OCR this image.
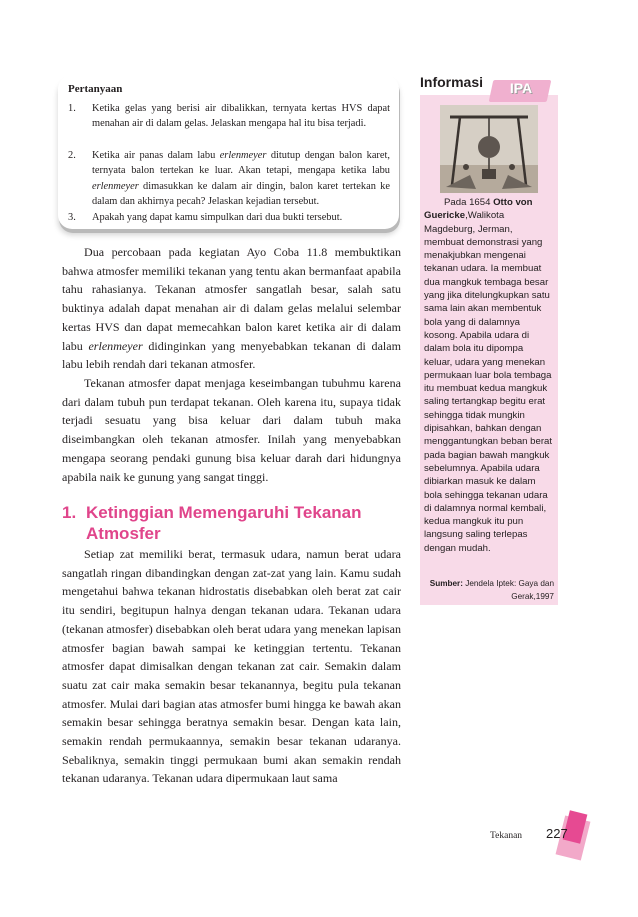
Pertanyaan
1. Ketika gelas yang berisi air dibalikkan, ternyata kertas HVS dapat menahan air di dalam gelas. Jelaskan mengapa hal itu bisa terjadi.
2. Ketika air panas dalam labu erlenmeyer ditutup dengan balon karet, ternyata balon tertekan ke luar. Akan tetapi, mengapa ketika labu erlenmeyer dimasukkan ke dalam air dingin, balon karet tertekan ke dalam dan akhirnya pecah? Jelaskan kejadian tersebut.
3. Apakah yang dapat kamu simpulkan dari dua bukti tersebut.
Dua percobaan pada kegiatan Ayo Coba 11.8 membuktikan bahwa atmosfer memiliki tekanan yang tentu akan bermanfaat apabila tahu rahasianya. Tekanan atmosfer sangatlah besar, salah satu buktinya adalah dapat menahan air di dalam gelas melalui selembar kertas HVS dan dapat memecahkan balon karet ketika air di dalam labu erlenmeyer didinginkan yang menyebabkan tekanan di dalam labu lebih rendah dari tekanan atmosfer.
Tekanan atmosfer dapat menjaga keseimbangan tubuhmu karena dari dalam tubuh pun terdapat tekanan. Oleh karena itu, supaya tidak terjadi sesuatu yang bisa keluar dari dalam tubuh maka diseimbangkan oleh tekanan atmosfer. Inilah yang menyebabkan mengapa seorang pendaki gunung bisa keluar darah dari hidungnya apabila naik ke gunung yang sangat tinggi.
1. Ketinggian Memengaruhi Tekanan Atmosfer
Setiap zat memiliki berat, termasuk udara, namun berat udara sangatlah ringan dibandingkan dengan zat-zat yang lain. Kamu sudah mengetahui bahwa tekanan hidrostatis disebabkan oleh berat zat cair itu sendiri, begitupun halnya dengan tekanan udara. Tekanan udara (tekanan atmosfer) disebabkan oleh berat udara yang menekan lapisan atmosfer bagian bawah sampai ke ketinggian tertentu. Tekanan atmosfer dapat dimisalkan dengan tekanan zat cair. Semakin dalam suatu zat cair maka semakin besar tekanannya, begitu pula tekanan atmosfer. Mulai dari bagian atas atmosfer bumi hingga ke bawah akan semakin besar sehingga beratnya semakin besar. Dengan kata lain, semakin rendah permukaannya, semakin besar tekanan udaranya. Sebaliknya, semakin tinggi permukaan bumi akan semakin rendah tekanan udaranya. Tekanan udara dipermukaan laut sama
Informasi	IPA
Pada 1654 Otto von Guericke,Walikota Magdeburg, Jerman, membuat demonstrasi yang menakjubkan mengenai tekanan udara. Ia membuat dua mangkuk tembaga besar yang jika ditelungkupkan satu sama lain akan membentuk bola yang di dalamnya kosong. Apabila udara di dalam bola itu dipompa keluar, udara yang menekan permukaan luar bola tembaga itu membuat kedua mangkuk saling tertangkap begitu erat sehingga tidak mungkin dipisahkan, bahkan dengan menggantungkan beban berat pada bagian bawah mangkuk sebelumnya. Apabila udara dibiarkan masuk ke dalam bola sehingga tekanan udara di dalamnya normal kembali, kedua mangkuk itu pun langsung saling terlepas dengan mudah.
Sumber: Jendela Iptek: Gaya dan Gerak,1997
Tekanan 227
